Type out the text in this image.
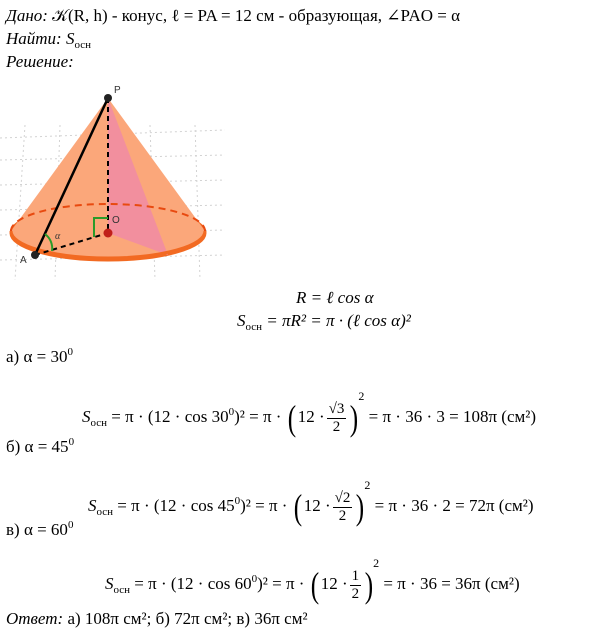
Дано: 𝒦(R, h) - конус, ℓ = PA = 12 см - образующая, ∠PAO = α
Найти: $S_{осн}$
Решение:
P
O
A
α
R = ℓ cos α
$S_{осн} = \pi R^2 = \pi$ · (ℓ cos α)²
а) $\alpha = 30^0$
$S_{осн} = \pi \cdot (12 \cdot \cos 30^0)^2 = \pi$ · ( $12 \cdot \frac{√3}{2} )2 = \pi \cdot 36 \cdot 3 = 108\pi$ (см²)
б) $\alpha = 45^0$
$S_{осн} = \pi \cdot (12 \cdot \cos 45^0)^2 = \pi$ · ( $12 \cdot \frac{√2}{2} )2 = \pi \cdot 36 \cdot 2 = 72\pi$ (см²)
в) $\alpha = 60^0$
$S_{осн} = \pi \cdot (12 \cdot \cos 60^0)^2 = \pi$ · ( $12 \cdot \frac{1}{2} )2 = \pi \cdot 36 = 36\pi$ (см²)
Ответ: а) 108π см²; б) 72π см²; в) 36π см²
